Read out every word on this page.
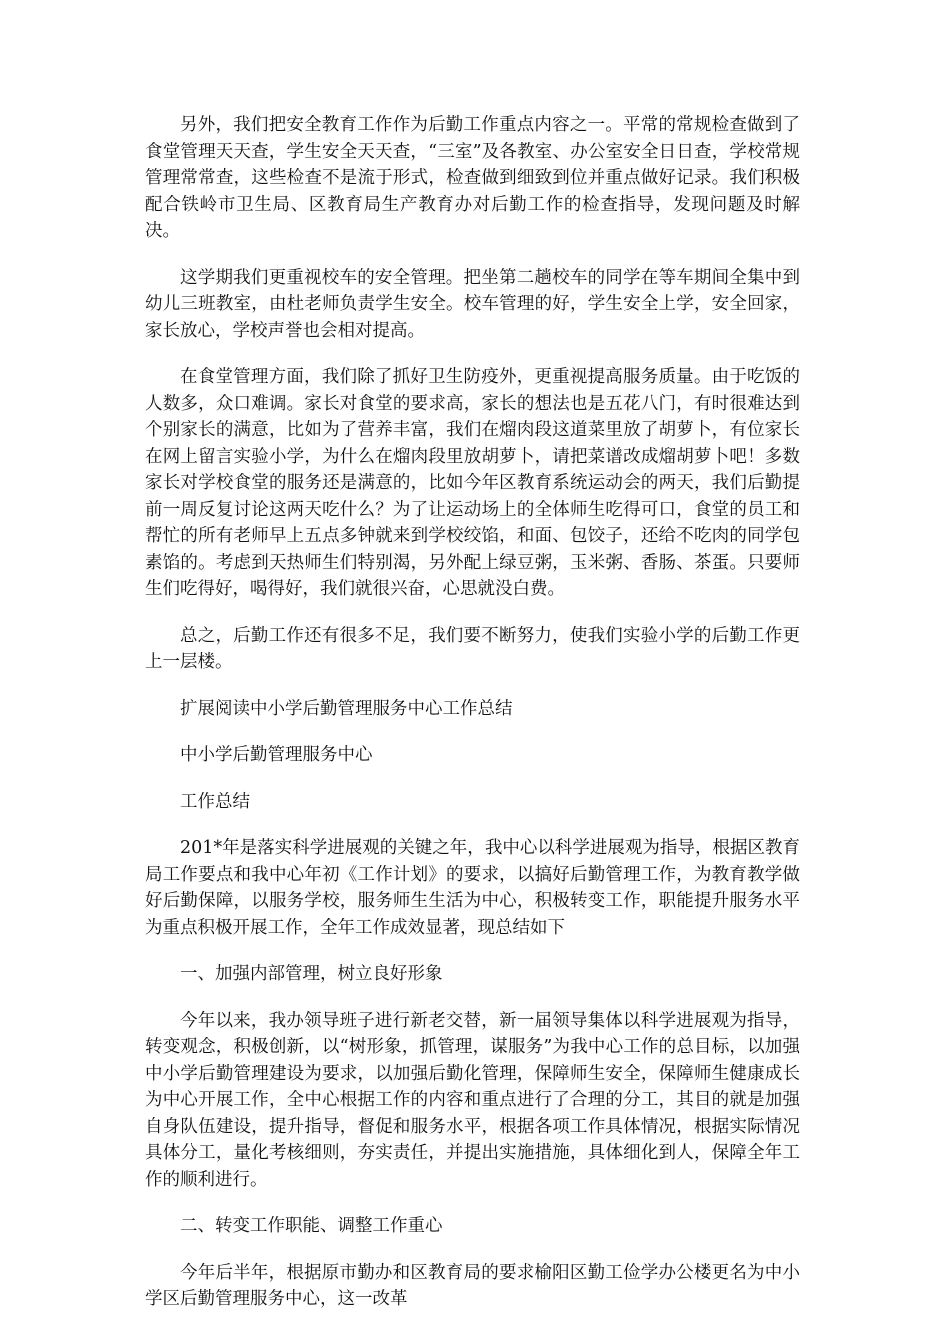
另外，我们把安全教育工作作为后勤工作重点内容之一。平常的常规检查做到了食堂管理天天查，学生安全天天查，“三室”及各教室、办公室安全日日查，学校常规管理常常查，这些检查不是流于形式，检查做到细致到位并重点做好记录。我们积极配合铁岭市卫生局、区教育局生产教育办对后勤工作的检查指导，发现问题及时解决。

这学期我们更重视校车的安全管理。把坐第二趟校车的同学在等车期间全集中到幼儿三班教室，由杜老师负责学生安全。校车管理的好，学生安全上学，安全回家，家长放心，学校声誉也会相对提高。

在食堂管理方面，我们除了抓好卫生防疫外，更重视提高服务质量。由于吃饭的人数多，众口难调。家长对食堂的要求高，家长的想法也是五花八门，有时很难达到个别家长的满意，比如为了营养丰富，我们在熘肉段这道菜里放了胡萝卜，有位家长在网上留言实验小学，为什么在熘肉段里放胡萝卜，请把菜谱改成熘胡萝卜吧！多数家长对学校食堂的服务还是满意的，比如今年区教育系统运动会的两天，我们后勤提前一周反复讨论这两天吃什么？为了让运动场上的全体师生吃得可口，食堂的员工和帮忙的所有老师早上五点多钟就来到学校绞馅，和面、包饺子，还给不吃肉的同学包素馅的。考虑到天热师生们特别渴，另外配上绿豆粥，玉米粥、香肠、茶蛋。只要师生们吃得好，喝得好，我们就很兴奋，心思就没白费。

总之，后勤工作还有很多不足，我们要不断努力，使我们实验小学的后勤工作更上一层楼。

扩展阅读中小学后勤管理服务中心工作总结

中小学后勤管理服务中心

工作总结

201*年是落实科学进展观的关键之年，我中心以科学进展观为指导，根据区教育局工作要点和我中心年初《工作计划》的要求，以搞好后勤管理工作，为教育教学做好后勤保障，以服务学校，服务师生生活为中心，积极转变工作，职能提升服务水平为重点积极开展工作，全年工作成效显著，现总结如下

一、加强内部管理，树立良好形象

今年以来，我办领导班子进行新老交替，新一届领导集体以科学进展观为指导，转变观念，积极创新，以“树形象，抓管理，谋服务”为我中心工作的总目标，以加强中小学后勤管理建设为要求，以加强后勤化管理，保障师生安全，保障师生健康成长为中心开展工作，全中心根据工作的内容和重点进行了合理的分工，其目的就是加强自身队伍建设，提升指导，督促和服务水平，根据各项工作具体情况，根据实际情况具体分工，量化考核细则，夯实责任，并提出实施措施，具体细化到人，保障全年工作的顺利进行。

二、转变工作职能、调整工作重心

今年后半年，根据原市勤办和区教育局的要求榆阳区勤工俭学办公楼更名为中小学区后勤管理服务中心，这一改革
